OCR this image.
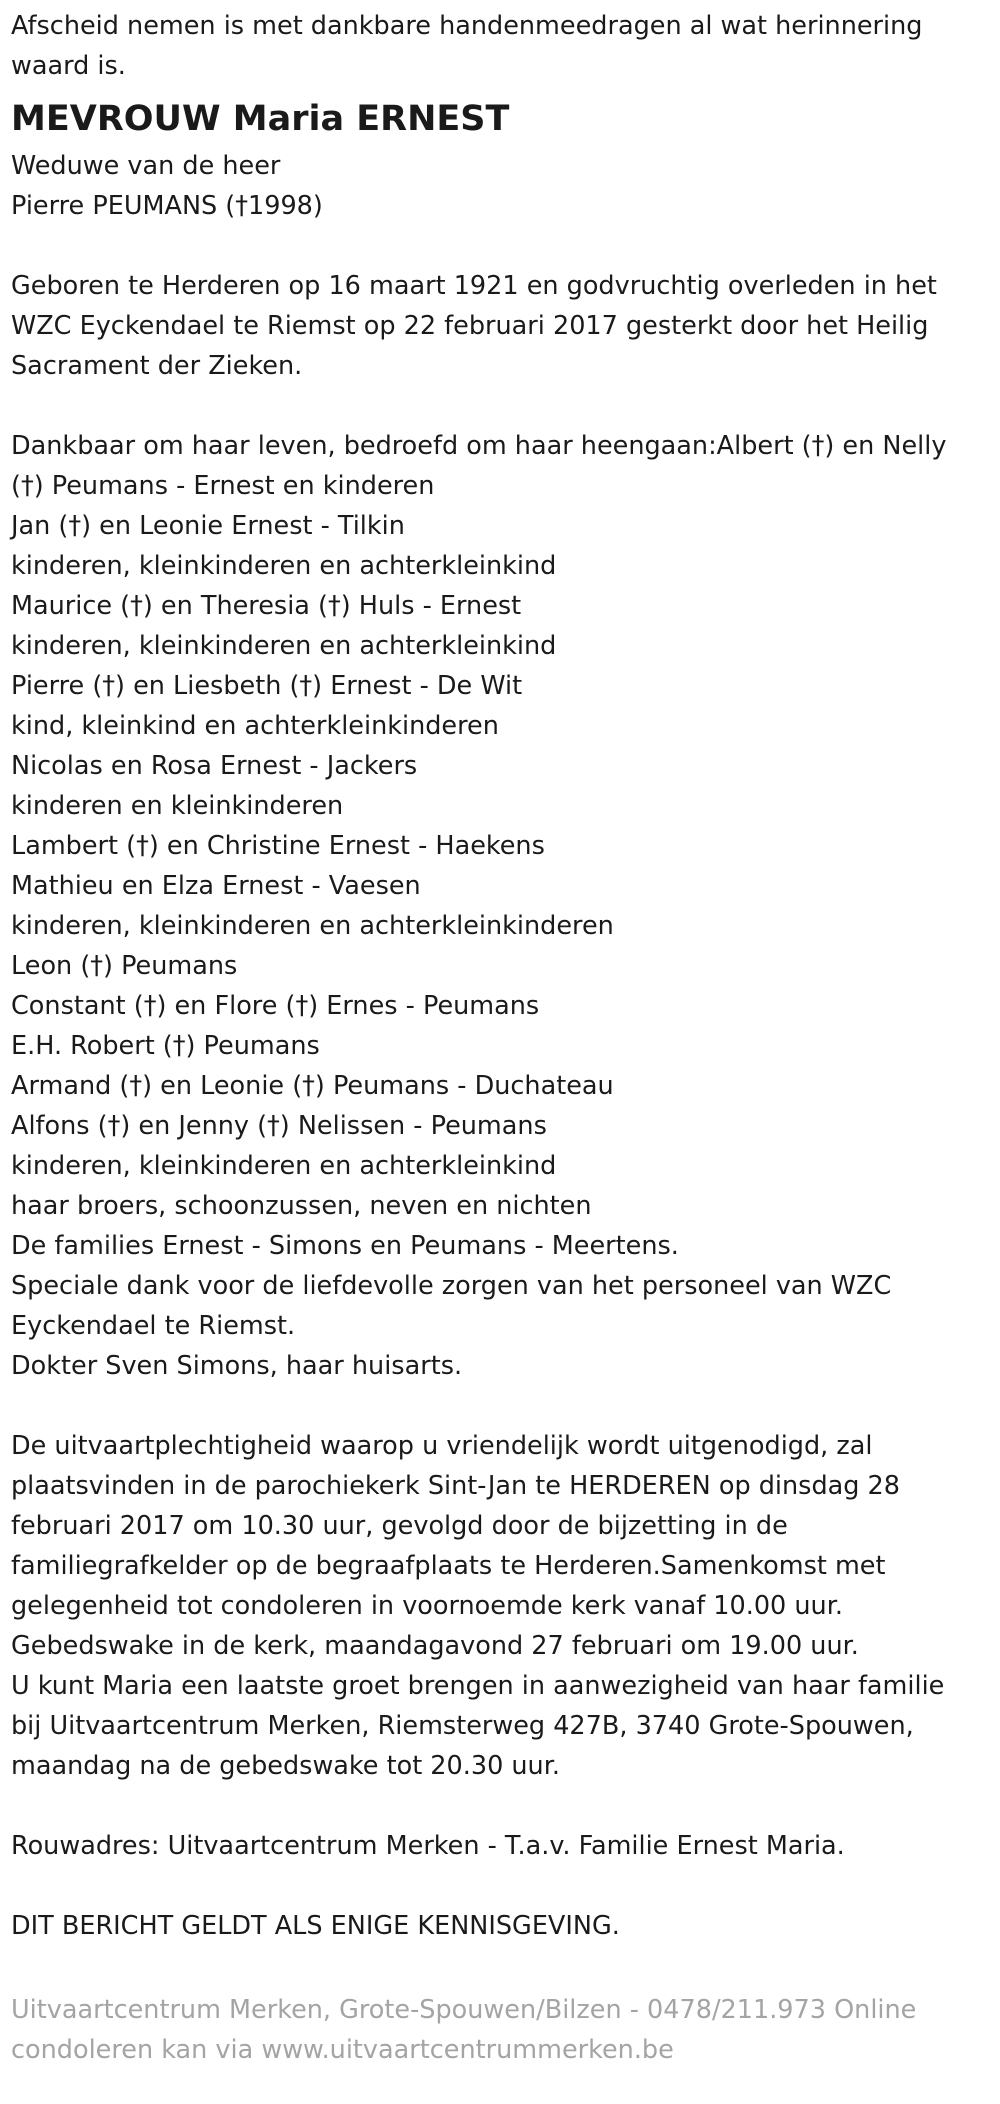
Afscheid nemen is met dankbare handenmeedragen al wat herinnering
waard is.
MEVROUW Maria ERNEST
Weduwe van de heer
Pierre PEUMANS (†1998)
Geboren te Herderen op 16 maart 1921 en godvruchtig overleden in het
WZC Eyckendael te Riemst op 22 februari 2017 gesterkt door het Heilig
Sacrament der Zieken.
Dankbaar om haar leven, bedroefd om haar heengaan:Albert (†) en Nelly
(†) Peumans - Ernest en kinderen
Jan (†) en Leonie Ernest - Tilkin
kinderen, kleinkinderen en achterkleinkind
Maurice (†) en Theresia (†) Huls - Ernest
kinderen, kleinkinderen en achterkleinkind
Pierre (†) en Liesbeth (†) Ernest - De Wit
kind, kleinkind en achterkleinkinderen
Nicolas en Rosa Ernest - Jackers
kinderen en kleinkinderen
Lambert (†) en Christine Ernest - Haekens
Mathieu en Elza Ernest - Vaesen
kinderen, kleinkinderen en achterkleinkinderen
Leon (†) Peumans
Constant (†) en Flore (†) Ernes - Peumans
E.H. Robert (†) Peumans
Armand (†) en Leonie (†) Peumans - Duchateau
Alfons (†) en Jenny (†) Nelissen - Peumans
kinderen, kleinkinderen en achterkleinkind
haar broers, schoonzussen, neven en nichten
De families Ernest - Simons en Peumans - Meertens.
Speciale dank voor de liefdevolle zorgen van het personeel van WZC
Eyckendael te Riemst.
Dokter Sven Simons, haar huisarts.
De uitvaartplechtigheid waarop u vriendelijk wordt uitgenodigd, zal
plaatsvinden in de parochiekerk Sint-Jan te HERDEREN op dinsdag 28
februari 2017 om 10.30 uur, gevolgd door de bijzetting in de
familiegrafkelder op de begraafplaats te Herderen.Samenkomst met
gelegenheid tot condoleren in voornoemde kerk vanaf 10.00 uur.
Gebedswake in de kerk, maandagavond 27 februari om 19.00 uur.
U kunt Maria een laatste groet brengen in aanwezigheid van haar familie
bij Uitvaartcentrum Merken, Riemsterweg 427B, 3740 Grote-Spouwen,
maandag na de gebedswake tot 20.30 uur.
Rouwadres: Uitvaartcentrum Merken - T.a.v. Familie Ernest Maria.
DIT BERICHT GELDT ALS ENIGE KENNISGEVING.
Uitvaartcentrum Merken, Grote-Spouwen/Bilzen - 0478/211.973 Online
condoleren kan via www.uitvaartcentrummerken.be
